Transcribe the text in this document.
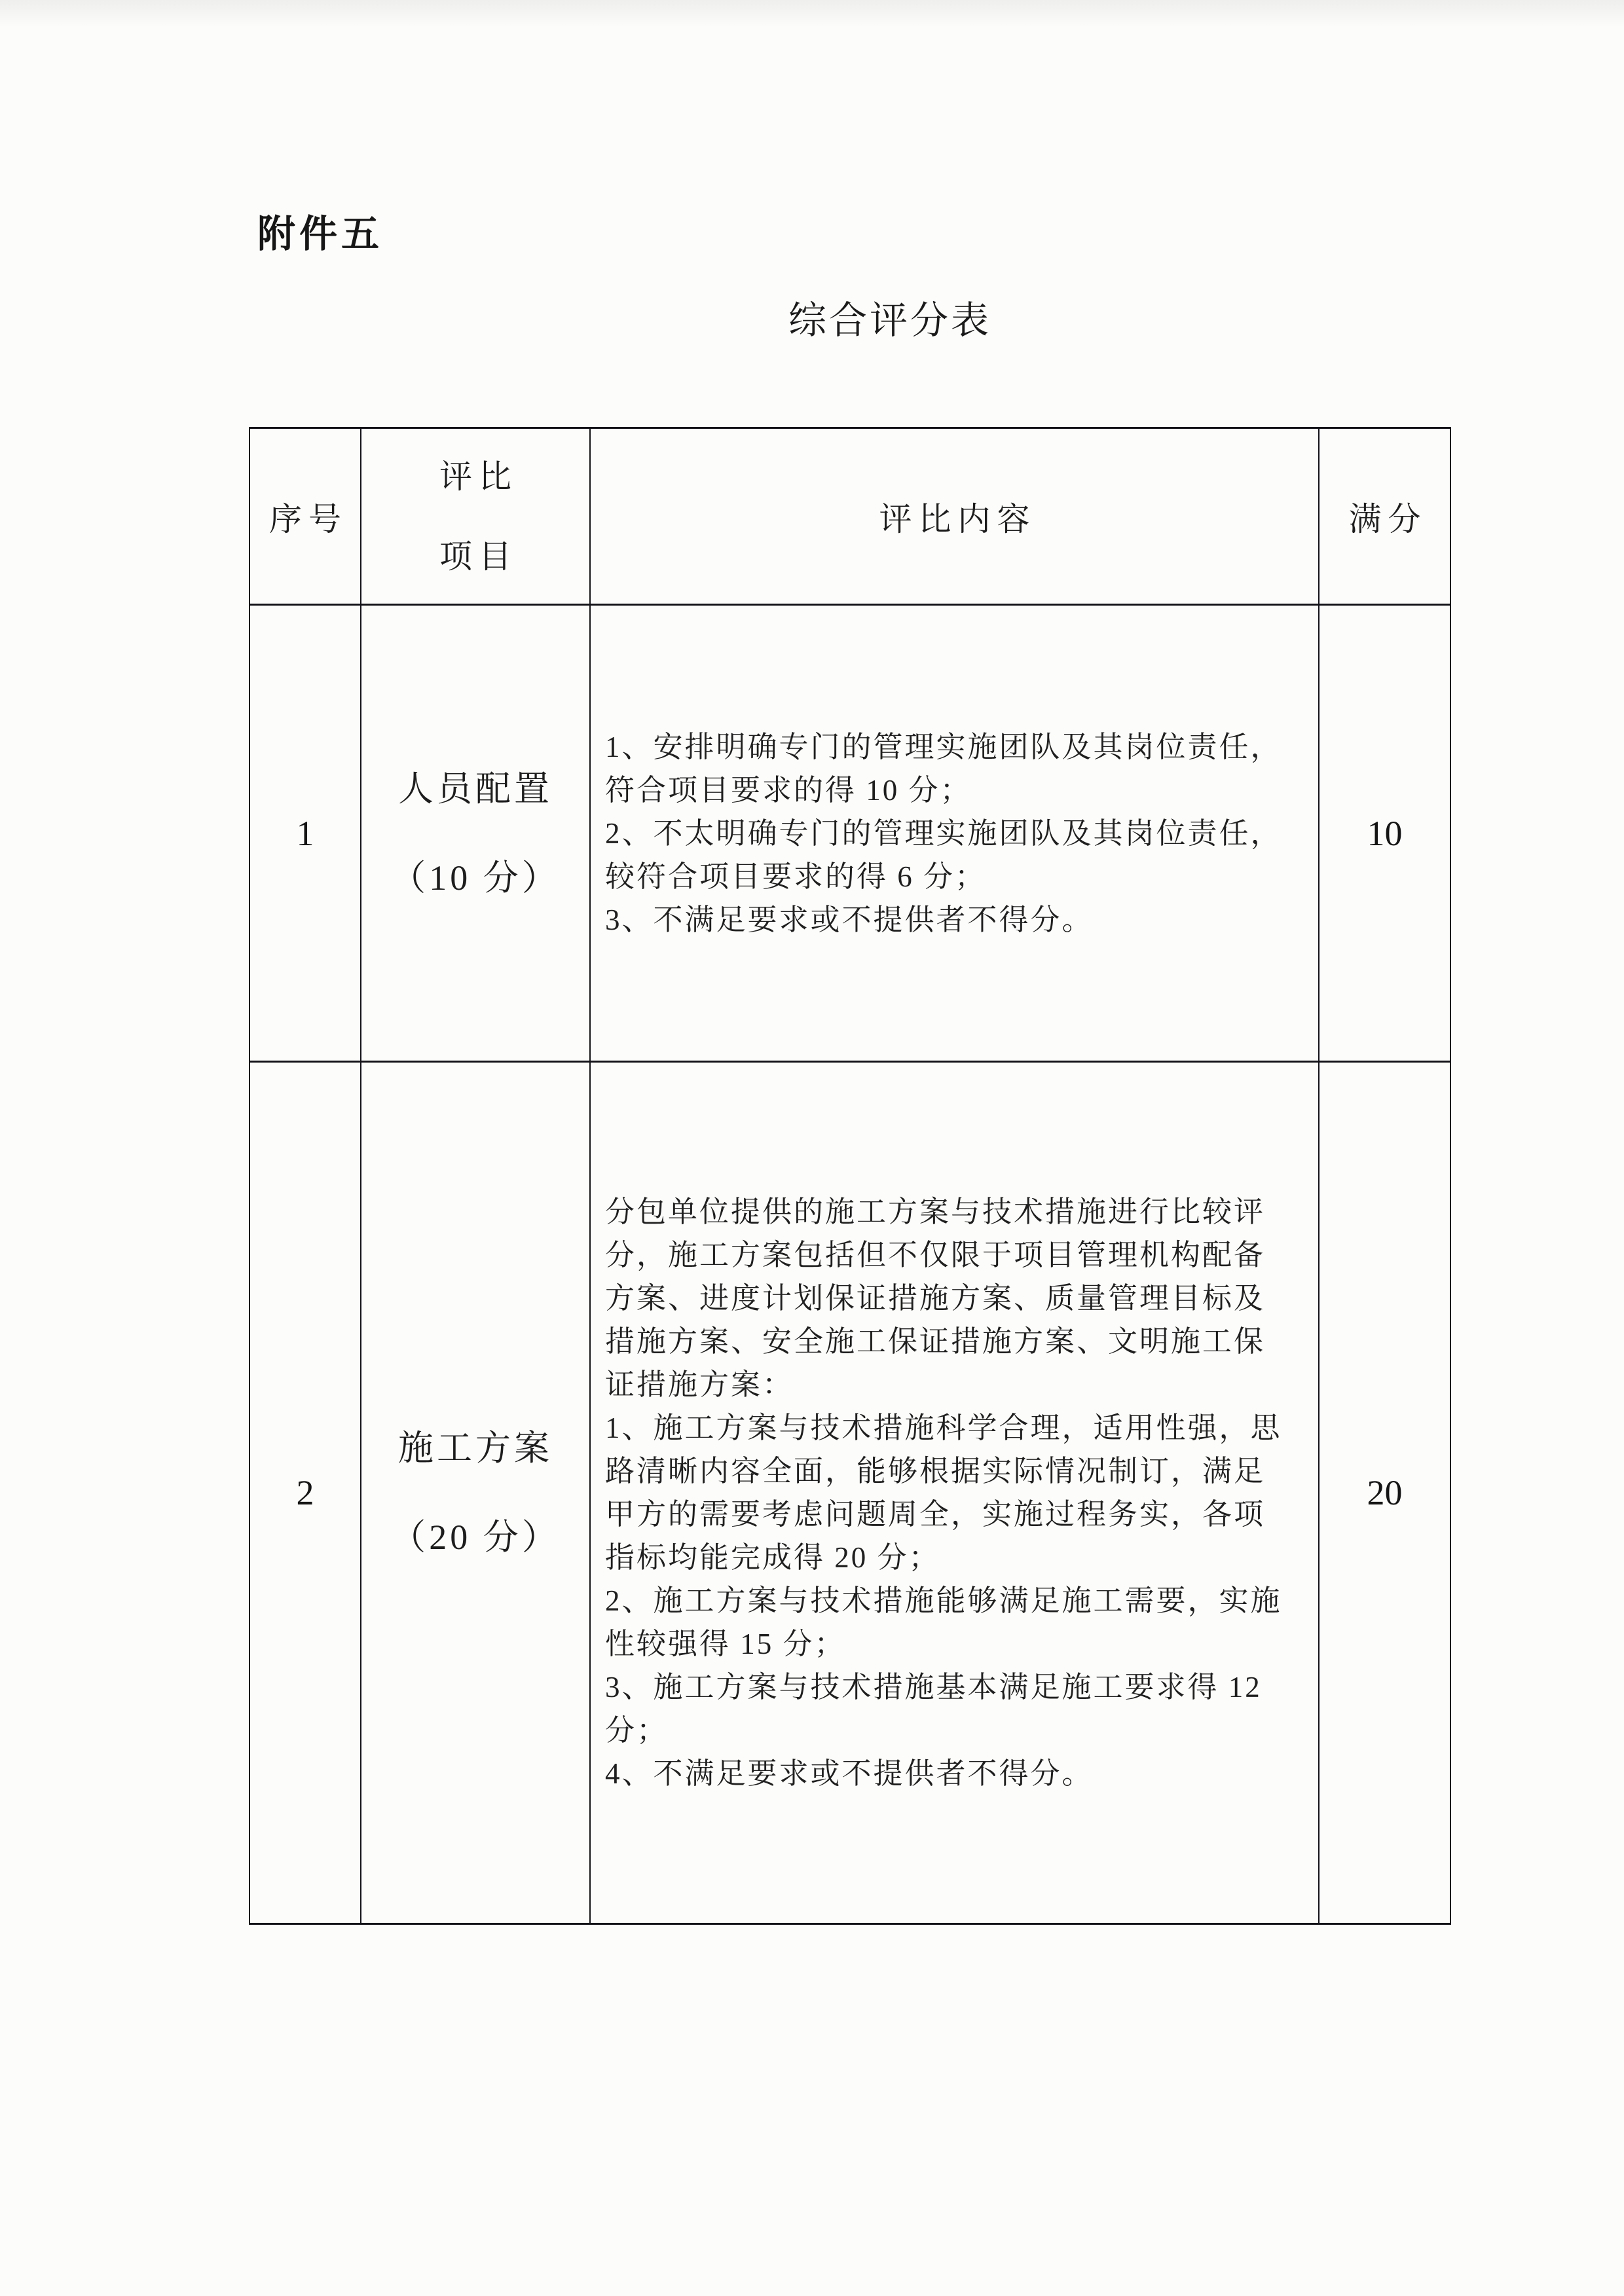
附件五
综合评分表
序号
评比
项目
评比内容	满分
1
人员配置
（10 分）
1、安排明确专门的管理实施团队及其岗位责任，
符合项目要求的得 10 分；
2、不太明确专门的管理实施团队及其岗位责任，
较符合项目要求的得 6 分；
3、不满足要求或不提供者不得分。
10
2
施工方案
（20 分）
分包单位提供的施工方案与技术措施进行比较评
分，施工方案包括但不仅限于项目管理机构配备
方案、进度计划保证措施方案、质量管理目标及
措施方案、安全施工保证措施方案、文明施工保
证措施方案：
1、施工方案与技术措施科学合理，适用性强，思
路清晰内容全面，能够根据实际情况制订，满足
甲方的需要考虑问题周全，实施过程务实，各项
指标均能完成得 20 分；
2、施工方案与技术措施能够满足施工需要，实施
性较强得 15 分；
3、施工方案与技术措施基本满足施工要求得 12
分；
4、不满足要求或不提供者不得分。
20
